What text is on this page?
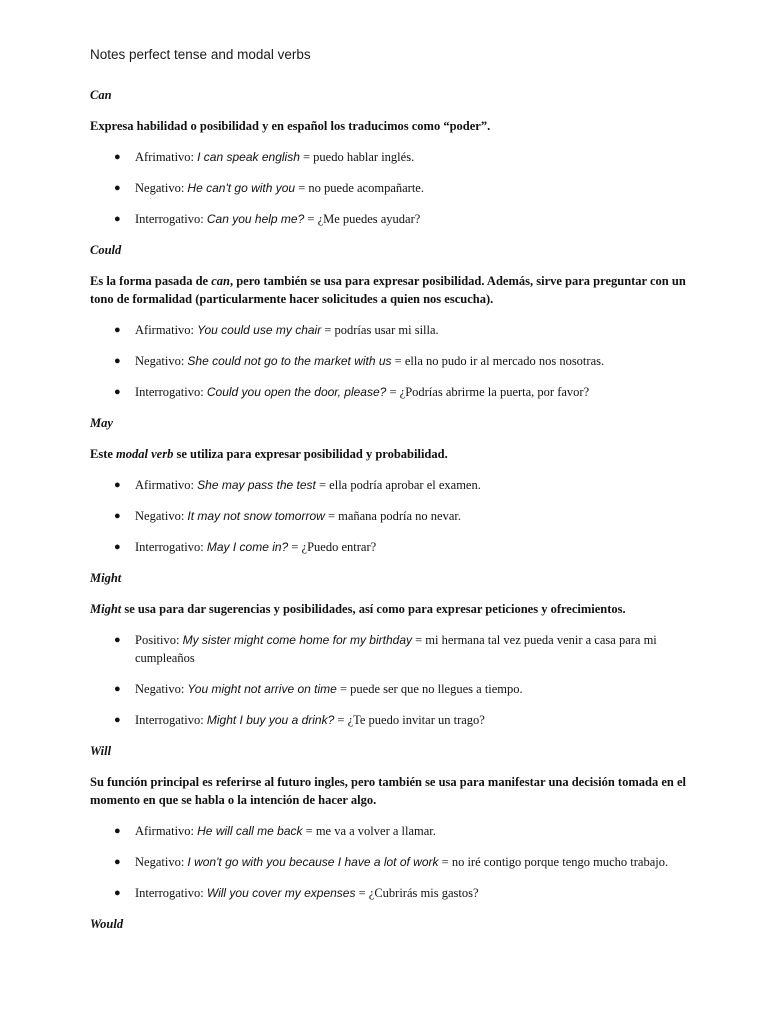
Notes perfect tense and modal verbs
Can
Expresa habilidad o posibilidad y en español los traducimos como “poder”.
● Afrimativo: I can speak english = puedo hablar inglés.
● Negativo: He can't go with you = no puede acompañarte.
● Interrogativo: Can you help me? = ¿Me puedes ayudar?
Could
Es la forma pasada de can, pero también se usa para expresar posibilidad. Además, sirve para preguntar con un tono de formalidad (particularmente hacer solicitudes a quien nos escucha).
● Afirmativo: You could use my chair = podrías usar mi silla.
● Negativo: She could not go to the market with us = ella no pudo ir al mercado nos nosotras.
● Interrogativo: Could you open the door, please? = ¿Podrías abrirme la puerta, por favor?
May
Este modal verb se utiliza para expresar posibilidad y probabilidad.
● Afirmativo: She may pass the test = ella podría aprobar el examen.
● Negativo: It may not snow tomorrow = mañana podría no nevar.
● Interrogativo: May I come in? = ¿Puedo entrar?
Might
Might se usa para dar sugerencias y posibilidades, así como para expresar peticiones y ofrecimientos.
● Positivo: My sister might come home for my birthday = mi hermana tal vez pueda venir a casa para mi cumpleaños
● Negativo: You might not arrive on time = puede ser que no llegues a tiempo.
● Interrogativo: Might I buy you a drink? = ¿Te puedo invitar un trago?
Will
Su función principal es referirse al futuro ingles, pero también se usa para manifestar una decisión tomada en el momento en que se habla o la intención de hacer algo.
● Afirmativo: He will call me back = me va a volver a llamar.
● Negativo: I won't go with you because I have a lot of work = no iré contigo porque tengo mucho trabajo.
● Interrogativo: Will you cover my expenses = ¿Cubrirás mis gastos?
Would
